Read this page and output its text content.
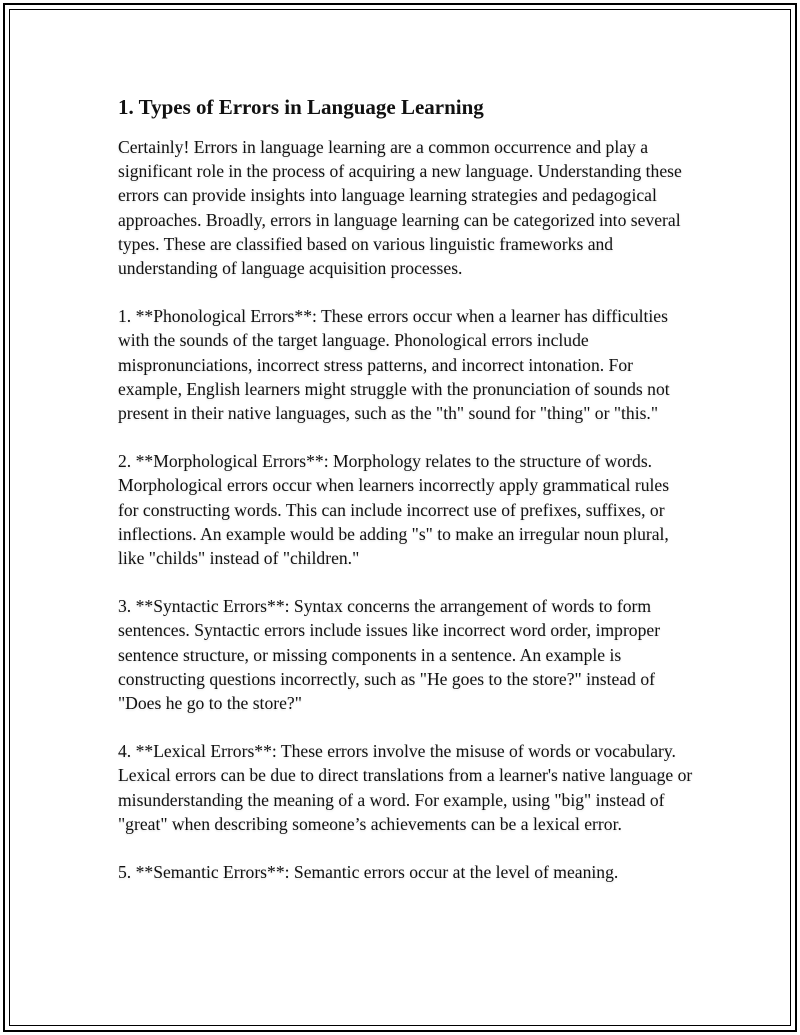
1. Types of Errors in Language Learning

Certainly! Errors in language learning are a common occurrence and play a significant role in the process of acquiring a new language. Understanding these errors can provide insights into language learning strategies and pedagogical approaches. Broadly, errors in language learning can be categorized into several types. These are classified based on various linguistic frameworks and understanding of language acquisition processes.

1. **Phonological Errors**: These errors occur when a learner has difficulties with the sounds of the target language. Phonological errors include mispronunciations, incorrect stress patterns, and incorrect intonation. For example, English learners might struggle with the pronunciation of sounds not present in their native languages, such as the "th" sound for "thing" or "this."

2. **Morphological Errors**: Morphology relates to the structure of words. Morphological errors occur when learners incorrectly apply grammatical rules for constructing words. This can include incorrect use of prefixes, suffixes, or inflections. An example would be adding "s" to make an irregular noun plural, like "childs" instead of "children."

3. **Syntactic Errors**: Syntax concerns the arrangement of words to form sentences. Syntactic errors include issues like incorrect word order, improper sentence structure, or missing components in a sentence. An example is constructing questions incorrectly, such as "He goes to the store?" instead of "Does he go to the store?"

4. **Lexical Errors**: These errors involve the misuse of words or vocabulary. Lexical errors can be due to direct translations from a learner's native language or misunderstanding the meaning of a word. For example, using "big" instead of "great" when describing someone’s achievements can be a lexical error.

5. **Semantic Errors**: Semantic errors occur at the level of meaning.
